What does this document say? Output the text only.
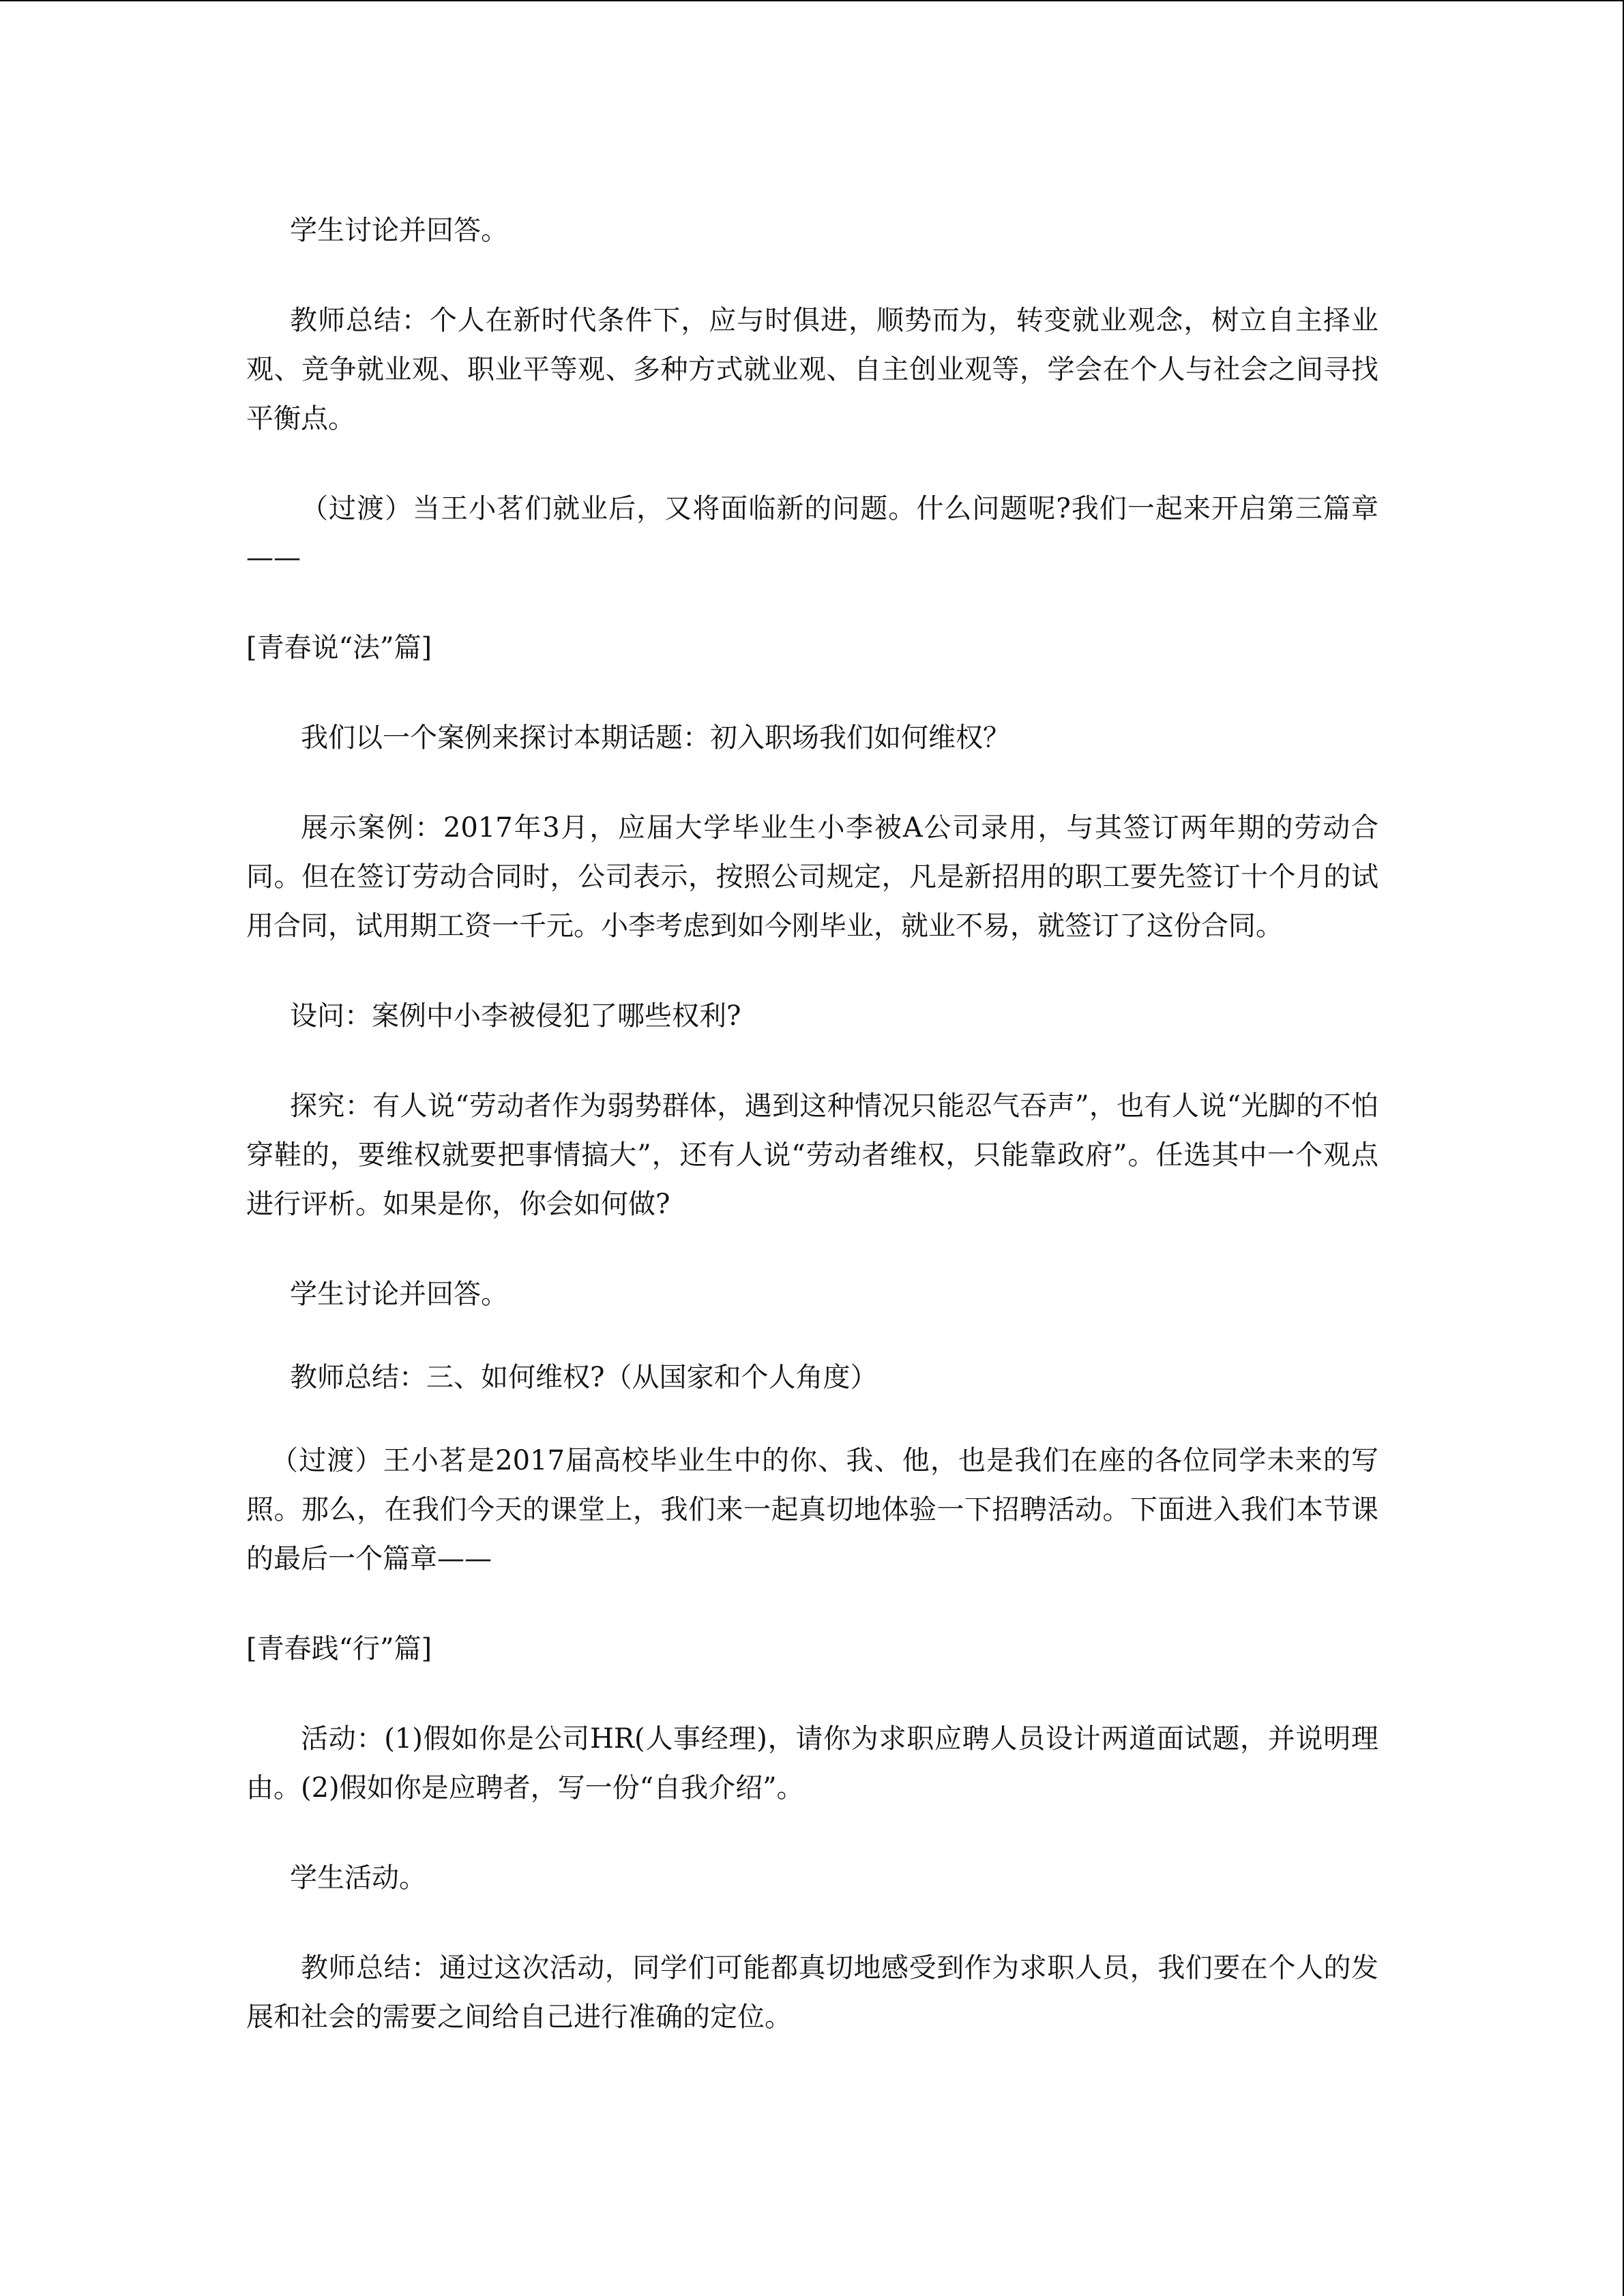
学生讨论并回答。

教师总结：个人在新时代条件下，应与时俱进，顺势而为，转变就业观念，树立自主择业观、竞争就业观、职业平等观、多种方式就业观、自主创业观等，学会在个人与社会之间寻找平衡点。

（过渡）当王小茗们就业后，又将面临新的问题。什么问题呢?我们一起来开启第三篇章——

[青春说“法”篇]

我们以一个案例来探讨本期话题：初入职场我们如何维权？

展示案例：2017年3月，应届大学毕业生小李被A公司录用，与其签订两年期的劳动合同。但在签订劳动合同时，公司表示，按照公司规定，凡是新招用的职工要先签订十个月的试用合同，试用期工资一千元。小李考虑到如今刚毕业，就业不易，就签订了这份合同。

设问：案例中小李被侵犯了哪些权利?

探究：有人说“劳动者作为弱势群体，遇到这种情况只能忍气吞声”，也有人说“光脚的不怕穿鞋的，要维权就要把事情搞大”，还有人说“劳动者维权，只能靠政府”。任选其中一个观点进行评析。如果是你，你会如何做?

学生讨论并回答。

教师总结：三、如何维权?（从国家和个人角度）

（过渡）王小茗是2017届高校毕业生中的你、我、他，也是我们在座的各位同学未来的写照。那么，在我们今天的课堂上，我们来一起真切地体验一下招聘活动。下面进入我们本节课的最后一个篇章——

[青春践“行”篇]

活动：(1)假如你是公司HR(人事经理)，请你为求职应聘人员设计两道面试题，并说明理由。(2)假如你是应聘者，写一份“自我介绍”。

学生活动。

教师总结：通过这次活动，同学们可能都真切地感受到作为求职人员，我们要在个人的发展和社会的需要之间给自己进行准确的定位。
